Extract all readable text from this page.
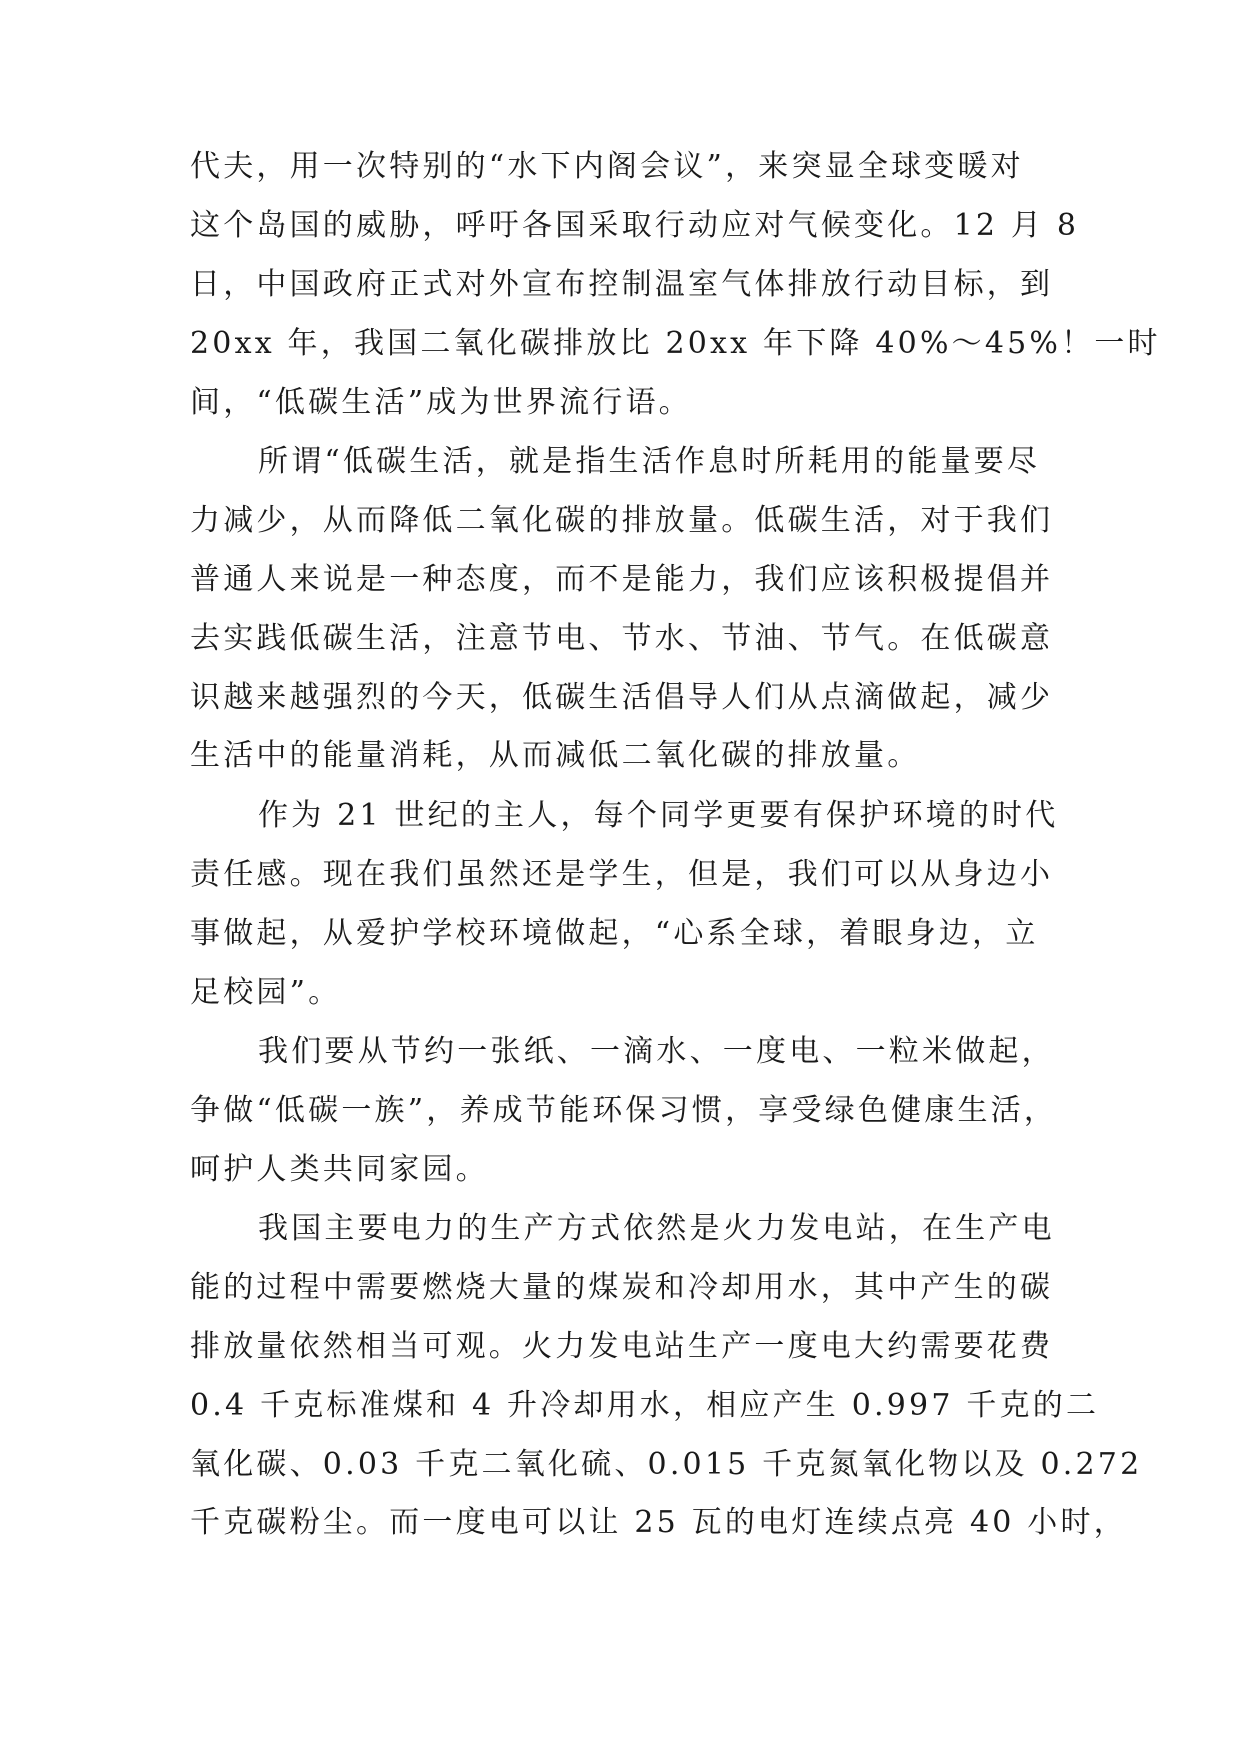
代夫，用一次特别的“水下内阁会议”，来突显全球变暖对
这个岛国的威胁，呼吁各国采取行动应对气候变化。12 月 8
日，中国政府正式对外宣布控制温室气体排放行动目标，到
20xx 年，我国二氧化碳排放比 20xx 年下降 40%～45%！一时
间，“低碳生活”成为世界流行语。
所谓“低碳生活，就是指生活作息时所耗用的能量要尽
力减少，从而降低二氧化碳的排放量。低碳生活，对于我们
普通人来说是一种态度，而不是能力，我们应该积极提倡并
去实践低碳生活，注意节电、节水、节油、节气。在低碳意
识越来越强烈的今天，低碳生活倡导人们从点滴做起，减少
生活中的能量消耗，从而减低二氧化碳的排放量。
作为 21 世纪的主人，每个同学更要有保护环境的时代
责任感。现在我们虽然还是学生，但是，我们可以从身边小
事做起，从爱护学校环境做起，“心系全球，着眼身边，立
足校园”。
我们要从节约一张纸、一滴水、一度电、一粒米做起，
争做“低碳一族”，养成节能环保习惯，享受绿色健康生活，
呵护人类共同家园。
我国主要电力的生产方式依然是火力发电站，在生产电
能的过程中需要燃烧大量的煤炭和冷却用水，其中产生的碳
排放量依然相当可观。火力发电站生产一度电大约需要花费
0.4 千克标准煤和 4 升冷却用水，相应产生 0.997 千克的二
氧化碳、0.03 千克二氧化硫、0.015 千克氮氧化物以及 0.272
千克碳粉尘。而一度电可以让 25 瓦的电灯连续点亮 40 小时，
